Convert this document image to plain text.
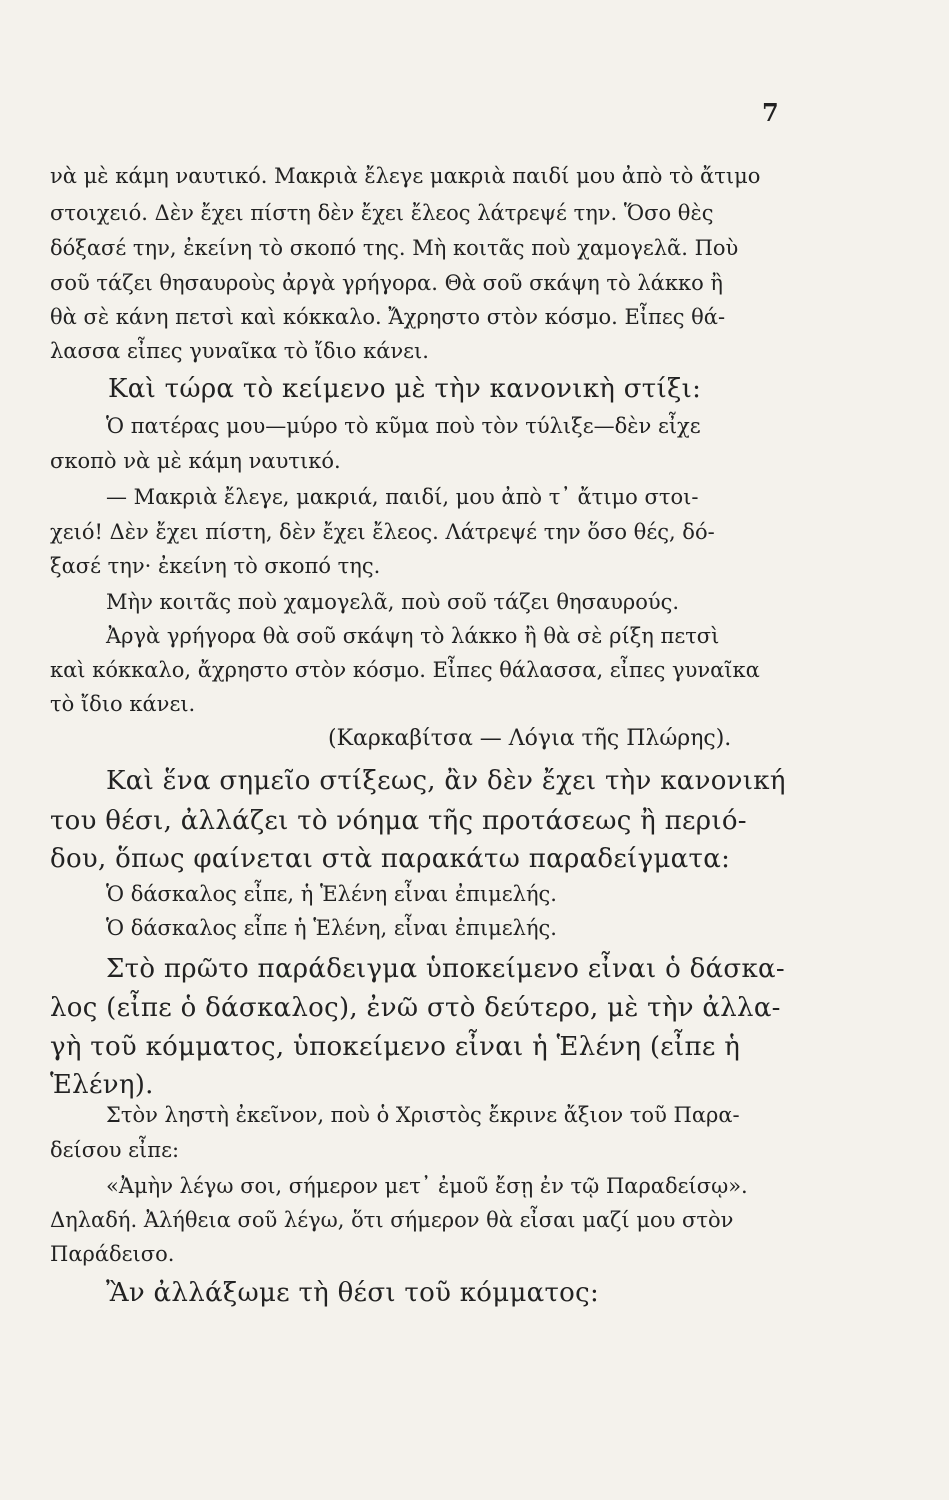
7
νὰ μὲ κάμη ναυτικό. Μακριὰ ἔλεγε μακριὰ παιδί μου ἀπὸ τὸ ἄτιμο
στοιχειό. Δὲν ἔχει πίστη δὲν ἔχει ἔλεος λάτρεψέ την. Ὅσο θὲς
δόξασέ την, ἐκείνη τὸ σκοπό της. Μὴ κοιτᾶς ποὺ χαμογελᾶ. Ποὺ
σοῦ τάζει θησαυροὺς ἀργὰ γρήγορα. Θὰ σοῦ σκάψη τὸ λάκκο ἢ
θὰ σὲ κάνη πετσὶ καὶ κόκκαλο. Ἄχρηστο στὸν κόσμο. Εἶπες θά-
λασσα εἶπες γυναῖκα τὸ ἴδιο κάνει.
Καὶ τώρα τὸ κείμενο μὲ τὴν κανονικὴ στίξι:
Ὁ πατέρας μου—μύρο τὸ κῦμα ποὺ τὸν τύλιξε—δὲν εἶχε
σκοπὸ νὰ μὲ κάμη ναυτικό.
— Μακριὰ ἔλεγε, μακριά, παιδί, μου ἀπὸ τ᾽ ἄτιμο στοι-
χειό! Δὲν ἔχει πίστη, δὲν ἔχει ἔλεος. Λάτρεψέ την ὅσο θές, δό-
ξασέ την· ἐκείνη τὸ σκοπό της.
Μὴν κοιτᾶς ποὺ χαμογελᾶ, ποὺ σοῦ τάζει θησαυρούς.
Ἀργὰ γρήγορα θὰ σοῦ σκάψη τὸ λάκκο ἢ θὰ σὲ ρίξη πετσὶ
καὶ κόκκαλο, ἄχρηστο στὸν κόσμο. Εἶπες θάλασσα, εἶπες γυναῖκα
τὸ ἴδιο κάνει.
(Καρκαβίτσα — Λόγια τῆς Πλώρης).
Καὶ ἕνα σημεῖο στίξεως, ἂν δὲν ἔχει τὴν κανονική
του θέσι, ἀλλάζει τὸ νόημα τῆς προτάσεως ἢ περιό-
δου, ὅπως φαίνεται στὰ παρακάτω παραδείγματα:
Ὁ δάσκαλος εἶπε, ἡ Ἑλένη εἶναι ἐπιμελής.
Ὁ δάσκαλος εἶπε ἡ Ἑλένη, εἶναι ἐπιμελής.
Στὸ πρῶτο παράδειγμα ὑποκείμενο εἶναι ὁ δάσκα-
λος (εἶπε ὁ δάσκαλος), ἐνῶ στὸ δεύτερο, μὲ τὴν ἀλλα-
γὴ τοῦ κόμματος, ὑποκείμενο εἶναι ἡ Ἑλένη (εἶπε ἡ
Ἑλένη).
Στὸν ληστὴ ἐκεῖνον, ποὺ ὁ Χριστὸς ἔκρινε ἄξιον τοῦ Παρα-
δείσου εἶπε:
«Ἀμὴν λέγω σοι, σήμερον μετ᾽ ἐμοῦ ἔσῃ ἐν τῷ Παραδείσῳ».
Δηλαδή. Ἀλήθεια σοῦ λέγω, ὅτι σήμερον θὰ εἶσαι μαζί μου στὸν
Παράδεισο.
Ἂν ἀλλάξωμε τὴ θέσι τοῦ κόμματος:
